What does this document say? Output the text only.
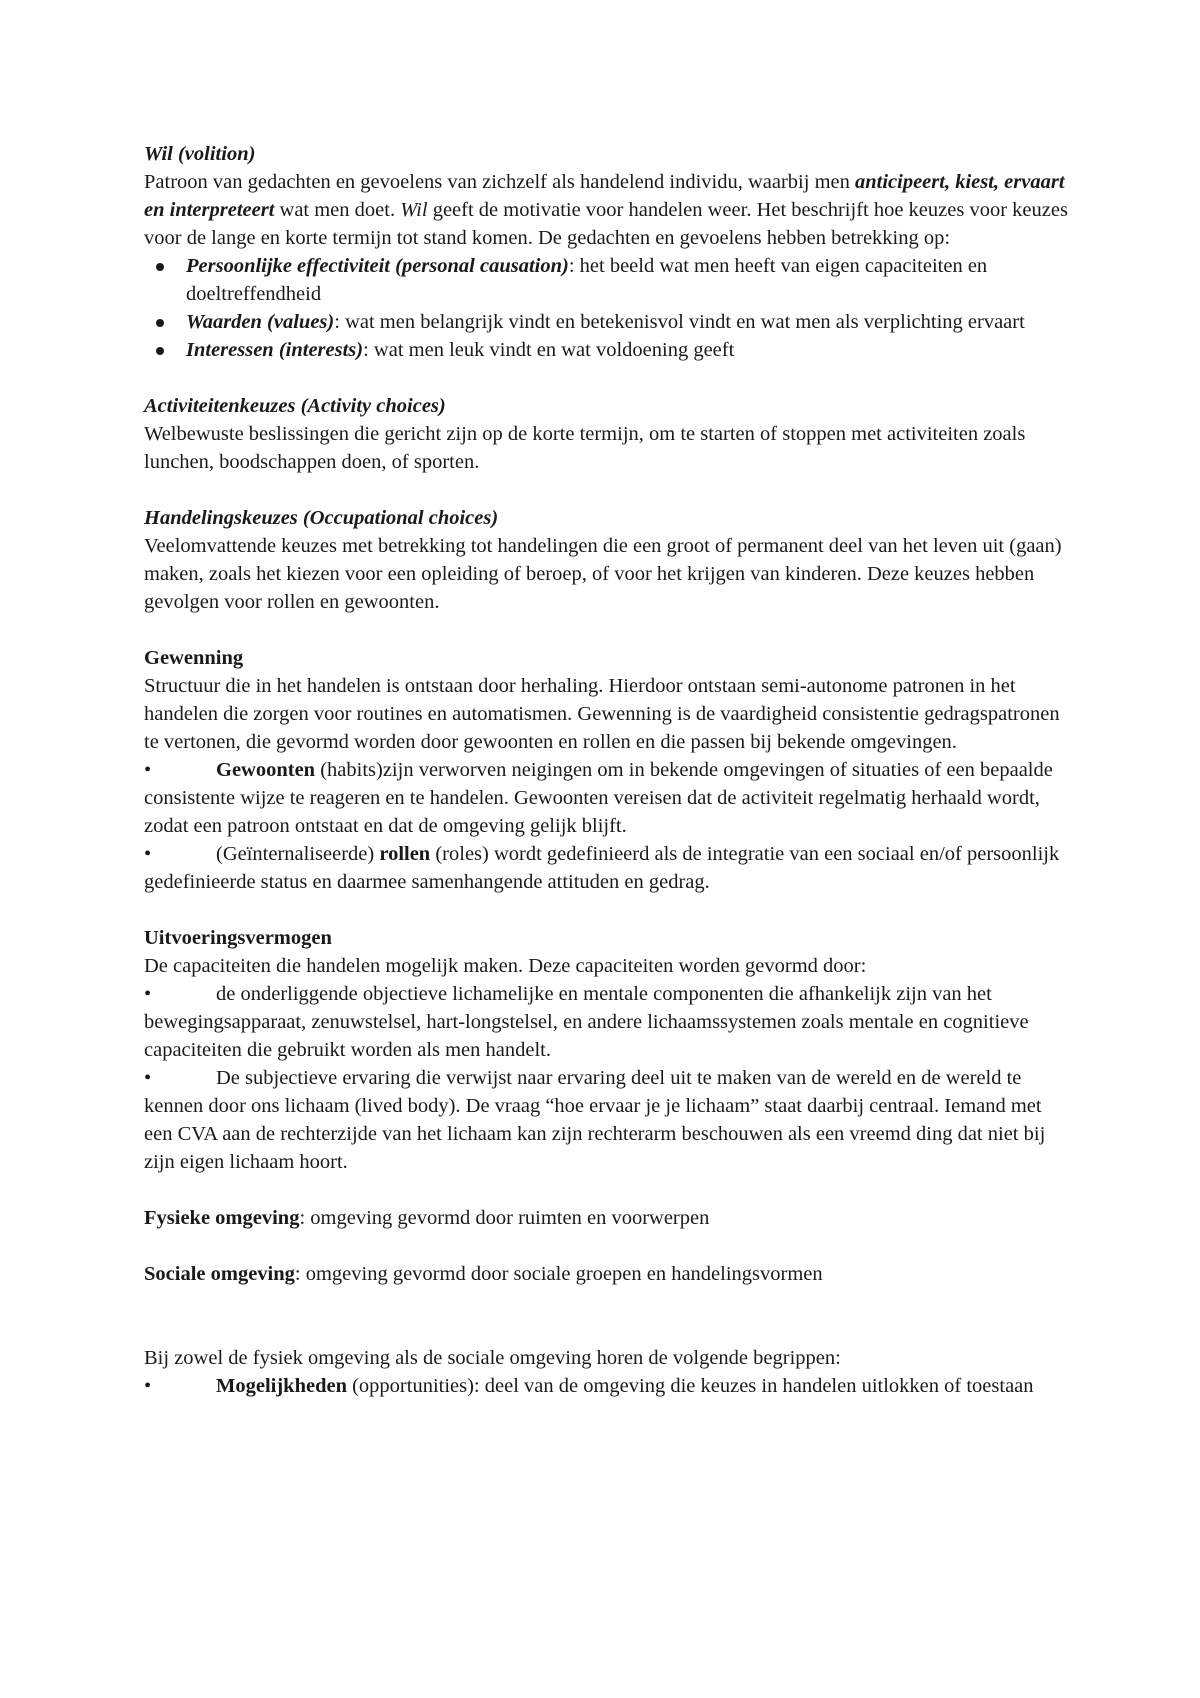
Wil (volition)

Patroon van gedachten en gevoelens van zichzelf als handelend individu, waarbij men anticipeert, kiest, ervaart en interpreteert wat men doet. Wil geeft de motivatie voor handelen weer. Het beschrijft hoe keuzes voor keuzes voor de lange en korte termijn tot stand komen. De gedachten en gevoelens hebben betrekking op:

Persoonlijke effectiviteit (personal causation): het beeld wat men heeft van eigen capaciteiten en doeltreffendheid
Waarden (values): wat men belangrijk vindt en betekenisvol vindt en wat men als verplichting ervaart
Interessen (interests): wat men leuk vindt en wat voldoening geeft
Activiteitenkeuzes (Activity choices)

Welbewuste beslissingen die gericht zijn op de korte termijn, om te starten of stoppen met activiteiten zoals lunchen, boodschappen doen, of sporten.

Handelingskeuzes (Occupational choices)

Veelomvattende keuzes met betrekking tot handelingen die een groot of permanent deel van het leven uit (gaan) maken, zoals het kiezen voor een opleiding of beroep, of voor het krijgen van kinderen. Deze keuzes hebben gevolgen voor rollen en gewoonten.

Gewenning

Structuur die in het handelen is ontstaan door herhaling. Hierdoor ontstaan semi-autonome patronen in het handelen die zorgen voor routines en automatismen. Gewenning is de vaardigheid consistentie gedragspatronen te vertonen, die gevormd worden door gewoonten en rollen en die passen bij bekende omgevingen.

•	Gewoonten (habits)zijn verworven neigingen om in bekende omgevingen of situaties of een bepaalde consistente wijze te reageren en te handelen. Gewoonten vereisen dat de activiteit regelmatig herhaald wordt, zodat een patroon ontstaat en dat de omgeving gelijk blijft.

•	(Geïnternaliseerde) rollen (roles) wordt gedefinieerd als de integratie van een sociaal en/of persoonlijk gedefinieerde status en daarmee samenhangende attituden en gedrag.

Uitvoeringsvermogen

De capaciteiten die handelen mogelijk maken. Deze capaciteiten worden gevormd door:

•	de onderliggende objectieve lichamelijke en mentale componenten die afhankelijk zijn van het bewegingsapparaat, zenuwstelsel, hart-longstelsel, en andere lichaamssystemen zoals mentale en cognitieve capaciteiten die gebruikt worden als men handelt.

•	De subjectieve ervaring die verwijst naar ervaring deel uit te maken van de wereld en de wereld te kennen door ons lichaam (lived body). De vraag “hoe ervaar je je lichaam” staat daarbij centraal. Iemand met een CVA aan de rechterzijde van het lichaam kan zijn rechterarm beschouwen als een vreemd ding dat niet bij zijn eigen lichaam hoort.

Fysieke omgeving: omgeving gevormd door ruimten en voorwerpen

Sociale omgeving: omgeving gevormd door sociale groepen en handelingsvormen

Bij zowel de fysiek omgeving als de sociale omgeving horen de volgende begrippen:

•	Mogelijkheden (opportunities): deel van de omgeving die keuzes in handelen uitlokken of toestaan
